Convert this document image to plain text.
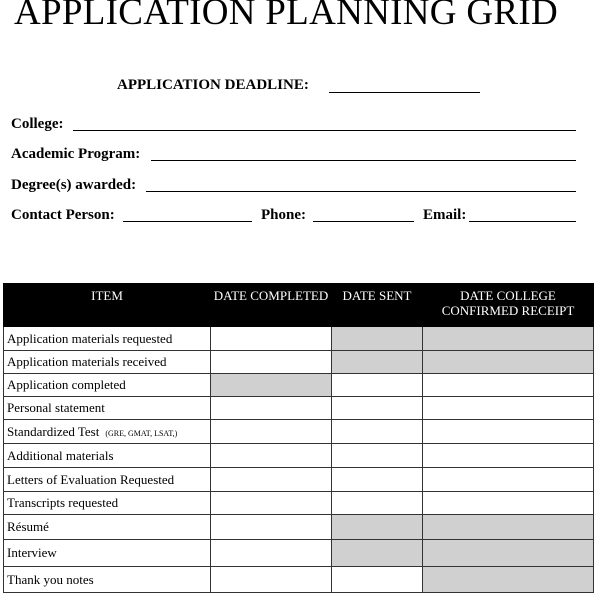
APPLICATION PLANNING GRID
APPLICATION DEADLINE:
College:
Academic Program:
Degree(s) awarded:
Contact Person:	Phone:	Email:
ITEM	DATE COMPLETED	DATE SENT	DATE COLLEGE CONFIRMED RECEIPT
Application materials requested			
Application materials received			
Application completed			
Personal statement			
Standardized Test (GRE, GMAT, LSAT,)			
Additional materials			
Letters of Evaluation Requested			
Transcripts requested			
Résumé			
Interview			
Thank you notes			
